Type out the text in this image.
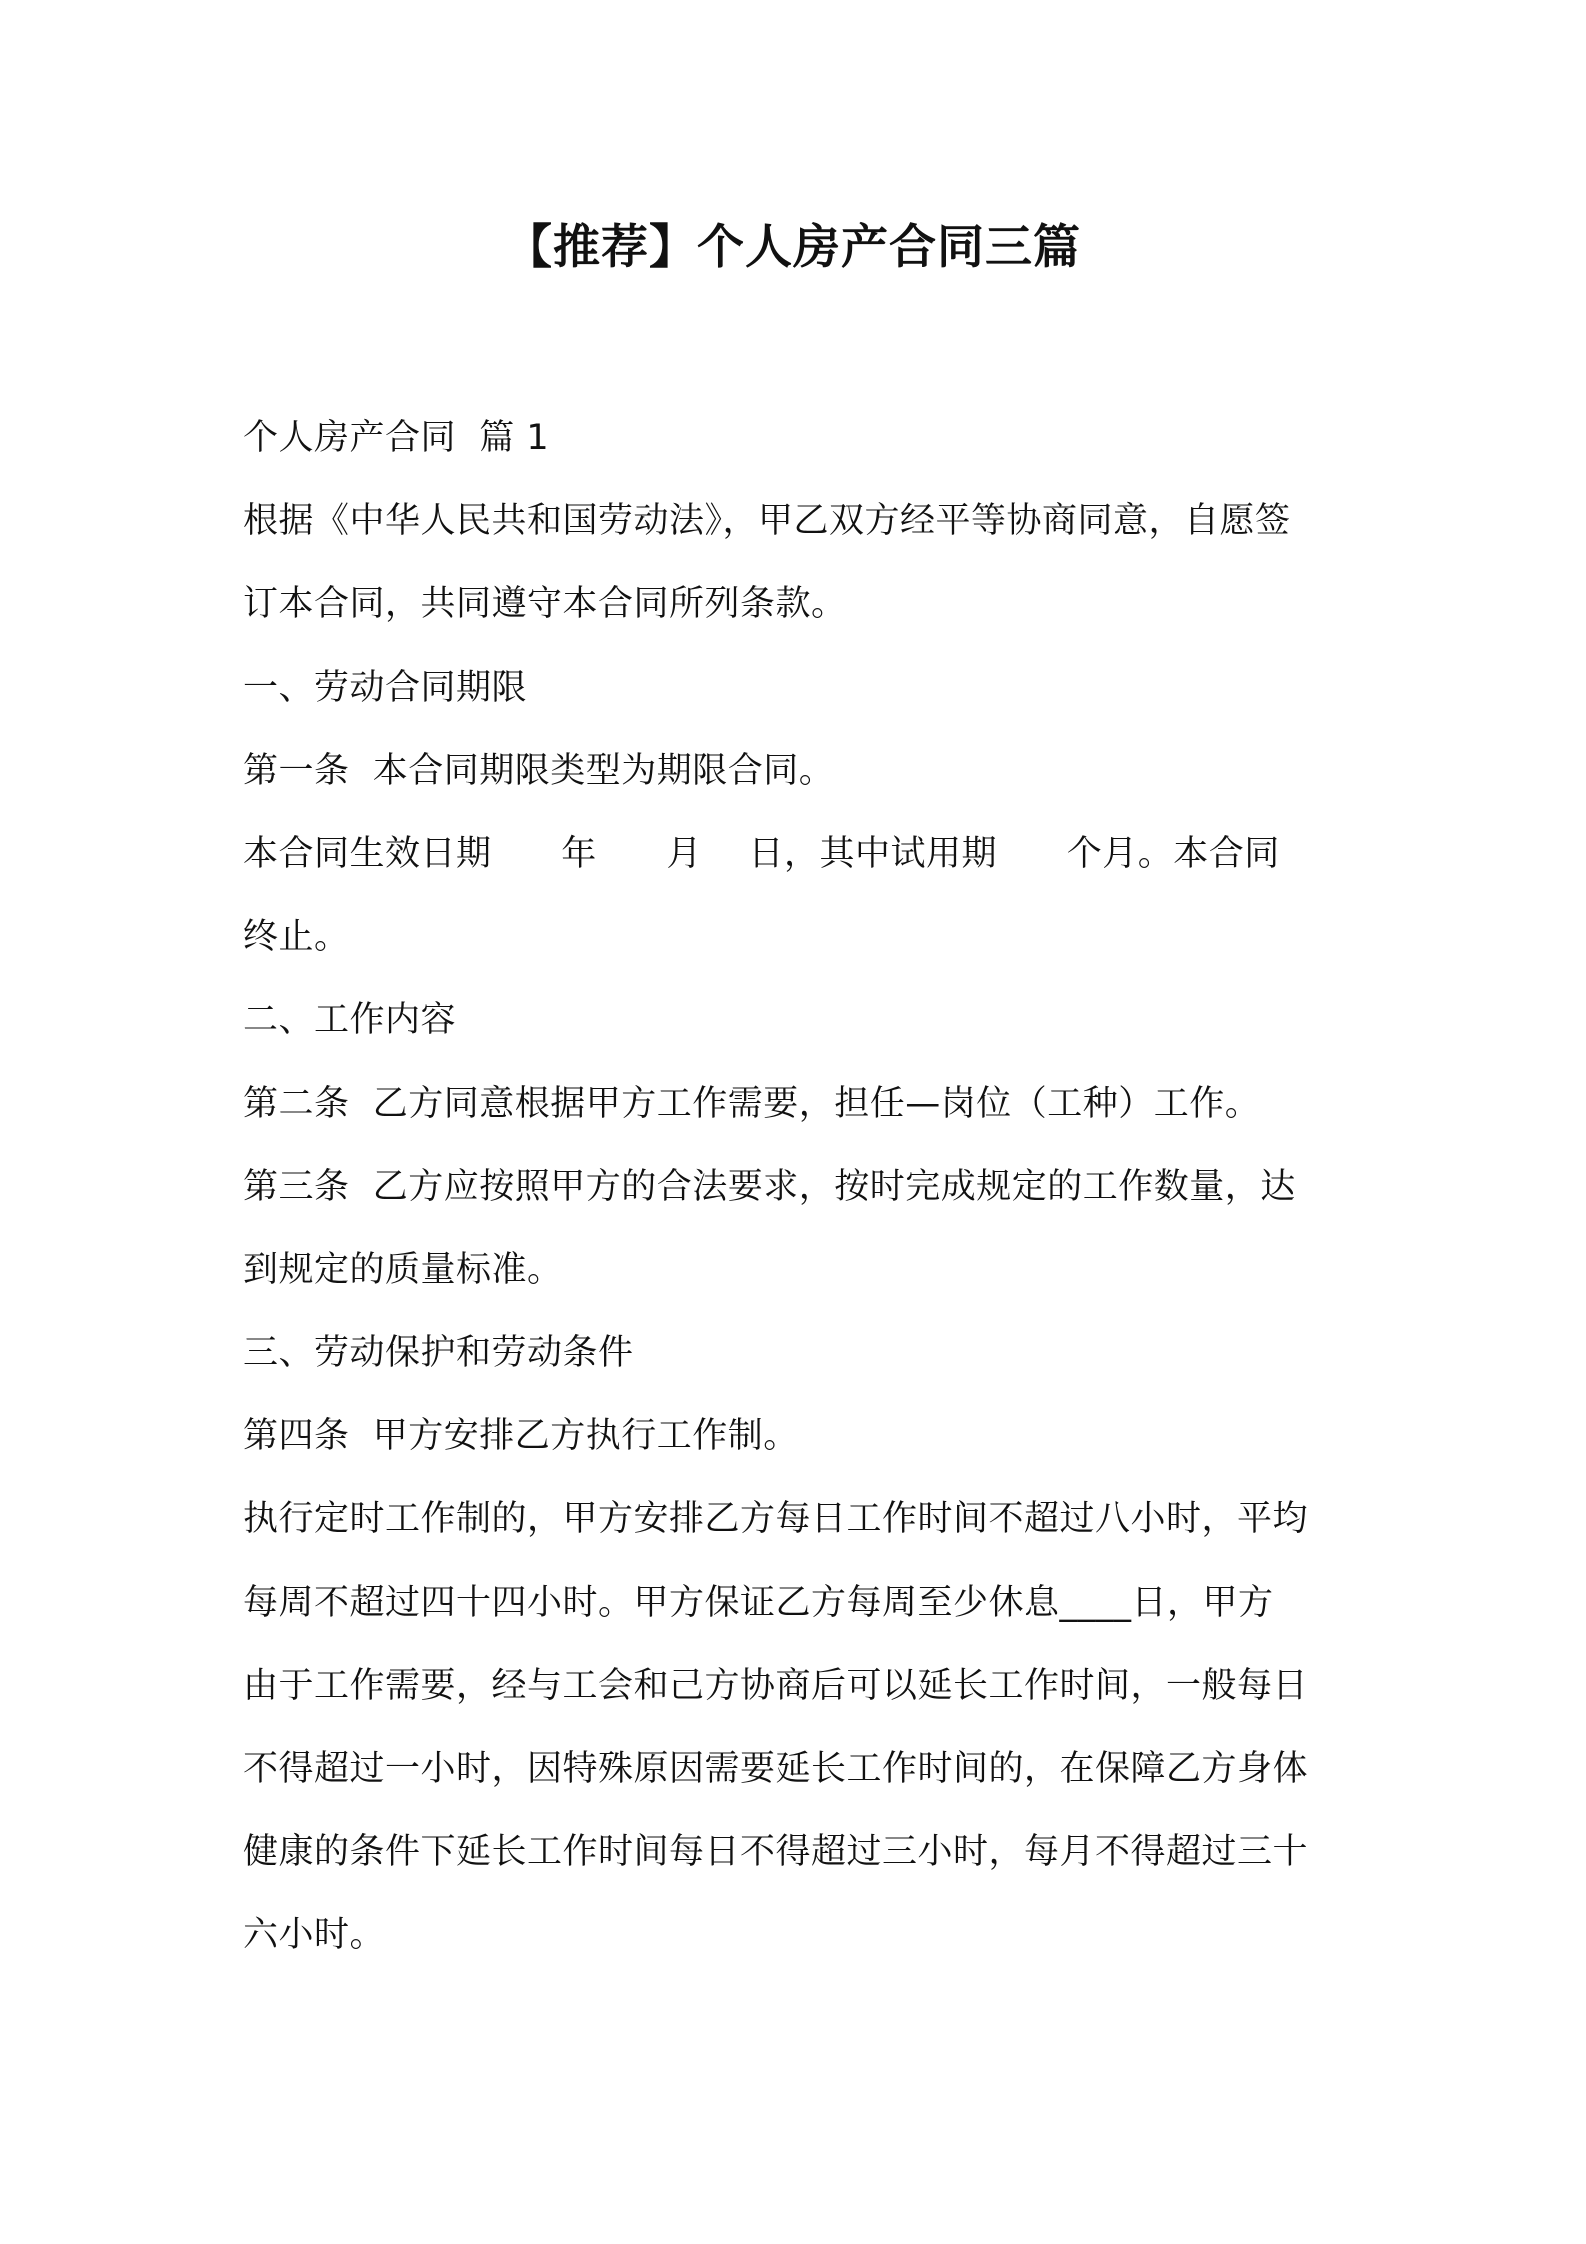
【推荐】个人房产合同三篇
个人房产合同  篇 1
根据《中华人民共和国劳动法》，甲乙双方经平等协商同意，自愿签
订本合同，共同遵守本合同所列条款。
一、劳动合同期限
第一条  本合同期限类型为期限合同。
本合同生效日期      年      月    日，其中试用期      个月。本合同
终止。
二、工作内容
第二条  乙方同意根据甲方工作需要，担任—岗位（工种）工作。
第三条  乙方应按照甲方的合法要求，按时完成规定的工作数量，达
到规定的质量标准。
三、劳动保护和劳动条件
第四条  甲方安排乙方执行工作制。
执行定时工作制的，甲方安排乙方每日工作时间不超过八小时，平均
每周不超过四十四小时。甲方保证乙方每周至少休息____日，甲方
由于工作需要，经与工会和己方协商后可以延长工作时间，一般每日
不得超过一小时，因特殊原因需要延长工作时间的，在保障乙方身体
健康的条件下延长工作时间每日不得超过三小时，每月不得超过三十
六小时。
